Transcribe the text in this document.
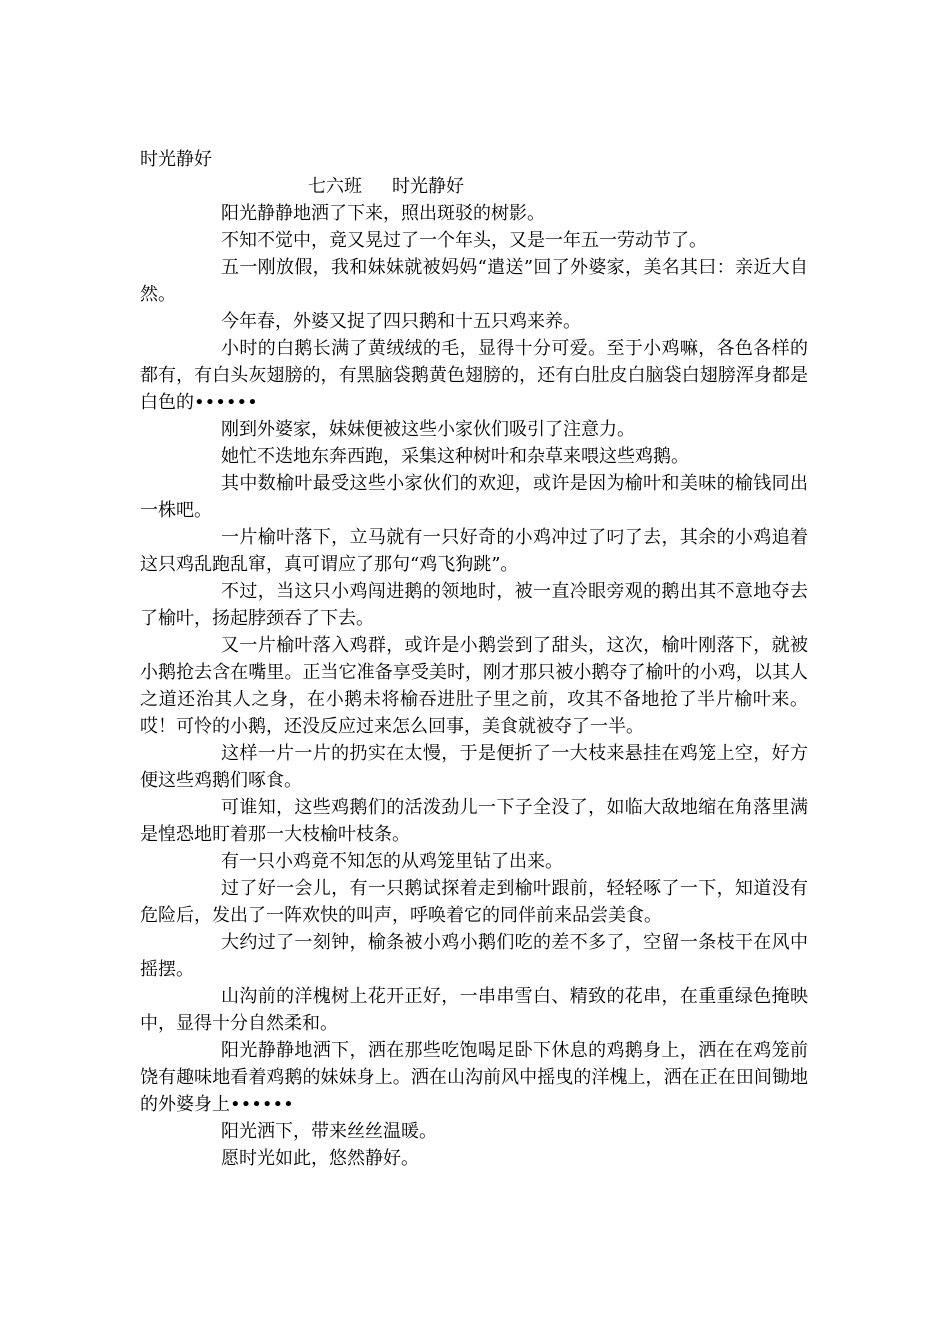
时光静好
七六班 时光静好

阳光静静地洒了下来，照出斑驳的树影。

不知不觉中，竟又晃过了一个年头，又是一年五一劳动节了。

五一刚放假，我和妹妹就被妈妈“遣送”回了外婆家，美名其曰：亲近大自然。

今年春，外婆又捉了四只鹅和十五只鸡来养。

小时的白鹅长满了黄绒绒的毛，显得十分可爱。至于小鸡嘛，各色各样的都有，有白头灰翅膀的，有黑脑袋鹅黄色翅膀的，还有白肚皮白脑袋白翅膀浑身都是白色的••••••

刚到外婆家，妹妹便被这些小家伙们吸引了注意力。

她忙不迭地东奔西跑，采集这种树叶和杂草来喂这些鸡鹅。

其中数榆叶最受这些小家伙们的欢迎，或许是因为榆叶和美味的榆钱同出一株吧。

一片榆叶落下，立马就有一只好奇的小鸡冲过了叼了去，其余的小鸡追着这只鸡乱跑乱窜，真可谓应了那句“鸡飞狗跳”。

不过，当这只小鸡闯进鹅的领地时，被一直冷眼旁观的鹅出其不意地夺去了榆叶，扬起脖颈吞了下去。

又一片榆叶落入鸡群，或许是小鹅尝到了甜头，这次，榆叶刚落下，就被小鹅抢去含在嘴里。正当它准备享受美时，刚才那只被小鹅夺了榆叶的小鸡，以其人之道还治其人之身，在小鹅未将榆吞进肚子里之前，攻其不备地抢了半片榆叶来。哎！可怜的小鹅，还没反应过来怎么回事，美食就被夺了一半。

这样一片一片的扔实在太慢，于是便折了一大枝来悬挂在鸡笼上空，好方便这些鸡鹅们啄食。

可谁知，这些鸡鹅们的活泼劲儿一下子全没了，如临大敌地缩在角落里满是惶恐地盯着那一大枝榆叶枝条。

有一只小鸡竟不知怎的从鸡笼里钻了出来。

过了好一会儿，有一只鹅试探着走到榆叶跟前，轻轻啄了一下，知道没有危险后，发出了一阵欢快的叫声，呼唤着它的同伴前来品尝美食。

大约过了一刻钟，榆条被小鸡小鹅们吃的差不多了，空留一条枝干在风中摇摆。

山沟前的洋槐树上花开正好，一串串雪白、精致的花串，在重重绿色掩映中，显得十分自然柔和。

阳光静静地洒下，洒在那些吃饱喝足卧下休息的鸡鹅身上，洒在在鸡笼前饶有趣味地看着鸡鹅的妹妹身上。洒在山沟前风中摇曳的洋槐上，洒在正在田间锄地的外婆身上••••••

阳光洒下，带来丝丝温暖。

愿时光如此，悠然静好。
